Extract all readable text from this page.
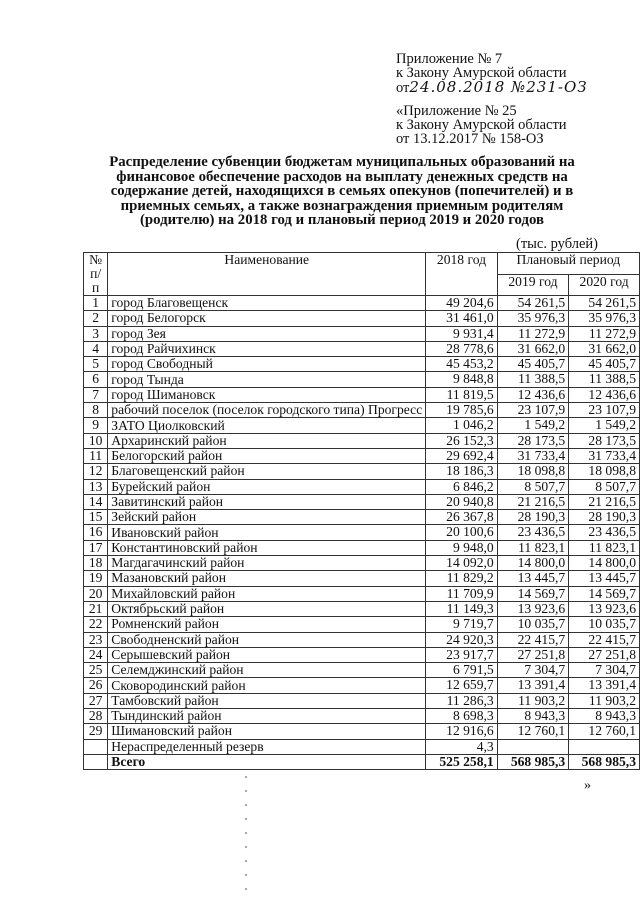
Приложение № 7
к Закону Амурской области
от24.08.2018 №231-ОЗ
«Приложение № 25
к Закону Амурской области
от 13.12.2017 № 158-ОЗ
Распределение субвенции бюджетам муниципальных образований на финансовое обеспечение расходов на выплату денежных средств на содержание детей, находящихся в семьях опекунов (попечителей) и в приемных семьях, а также вознаграждения приемным родителям (родителю) на 2018 год и плановый период 2019 и 2020 годов
(тыс. рублей)
№ п/п	Наименование	2018 год	Плановый период	
			2019 год	2020 год
1	город Благовещенск	49 204,6	54 261,5	54 261,5
2	город Белогорск	31 461,0	35 976,3	35 976,3
3	город Зея	9 931,4	11 272,9	11 272,9
4	город Райчихинск	28 778,6	31 662,0	31 662,0
5	город Свободный	45 453,2	45 405,7	45 405,7
6	город Тында	9 848,8	11 388,5	11 388,5
7	город Шимановск	11 819,5	12 436,6	12 436,6
8	рабочий поселок (поселок городского типа) Прогресс	19 785,6	23 107,9	23 107,9
9	ЗАТО Циолковский	1 046,2	1 549,2	1 549,2
10	Архаринский район	26 152,3	28 173,5	28 173,5
11	Белогорский район	29 692,4	31 733,4	31 733,4
12	Благовещенский район	18 186,3	18 098,8	18 098,8
13	Бурейский район	6 846,2	8 507,7	8 507,7
14	Завитинский район	20 940,8	21 216,5	21 216,5
15	Зейский район	26 367,8	28 190,3	28 190,3
16	Ивановский район	20 100,6	23 436,5	23 436,5
17	Константиновский район	9 948,0	11 823,1	11 823,1
18	Магдагачинский район	14 092,0	14 800,0	14 800,0
19	Мазановский район	11 829,2	13 445,7	13 445,7
20	Михайловский район	11 709,9	14 569,7	14 569,7
21	Октябрьский район	11 149,3	13 923,6	13 923,6
22	Ромненский район	9 719,7	10 035,7	10 035,7
23	Свободненский район	24 920,3	22 415,7	22 415,7
24	Серышевский район	23 917,7	27 251,8	27 251,8
25	Селемджинский район	6 791,5	7 304,7	7 304,7
26	Сковородинский район	12 659,7	13 391,4	13 391,4
27	Тамбовский район	11 286,3	11 903,2	11 903,2
28	Тындинский район	8 698,3	8 943,3	8 943,3
29	Шимановский район	12 916,6	12 760,1	12 760,1
	Нераспределенный резерв	4,3		
	Всего	525 258,1	568 985,3	568 985,3
»
